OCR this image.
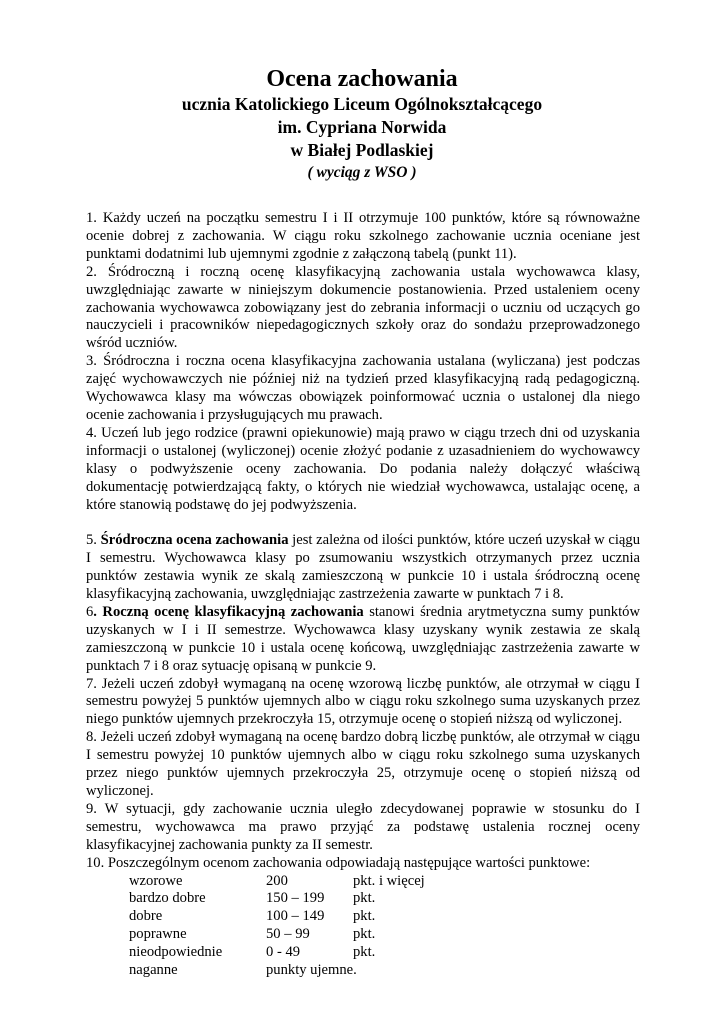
Ocena zachowania
ucznia Katolickiego Liceum Ogólnokształcącego
im. Cypriana Norwida
w Białej Podlaskiej
( wyciąg z WSO )

1. Każdy uczeń na początku semestru I i II otrzymuje 100 punktów, które są równoważne ocenie dobrej z zachowania. W ciągu roku szkolnego zachowanie ucznia oceniane jest punktami dodatnimi lub ujemnymi zgodnie z załączoną tabelą (punkt 11).

2. Śródroczną i roczną ocenę klasyfikacyjną zachowania ustala wychowawca klasy, uwzględniając zawarte w niniejszym dokumencie postanowienia. Przed ustaleniem oceny zachowania wychowawca zobowiązany jest do zebrania informacji o uczniu od uczących go nauczycieli i pracowników niepedagogicznych szkoły oraz do sondażu przeprowadzonego wśród uczniów.

3. Śródroczna i roczna ocena klasyfikacyjna zachowania ustalana (wyliczana) jest podczas zajęć wychowawczych nie później niż na tydzień przed klasyfikacyjną radą pedagogiczną. Wychowawca klasy ma wówczas obowiązek poinformować ucznia o ustalonej dla niego ocenie zachowania i przysługujących mu prawach.

4. Uczeń lub jego rodzice (prawni opiekunowie) mają prawo w ciągu trzech dni od uzyskania informacji o ustalonej (wyliczonej) ocenie złożyć podanie z uzasadnieniem do wychowawcy klasy o podwyższenie oceny zachowania. Do podania należy dołączyć właściwą dokumentację potwierdzającą fakty, o których nie wiedział wychowawca, ustalając ocenę, a które stanowią podstawę do jej podwyższenia.

5. Śródroczna ocena zachowania jest zależna od ilości punktów, które uczeń uzyskał w ciągu I semestru. Wychowawca klasy po zsumowaniu wszystkich otrzymanych przez ucznia punktów zestawia wynik ze skalą zamieszczoną w punkcie 10 i ustala śródroczną ocenę klasyfikacyjną zachowania, uwzględniając zastrzeżenia zawarte w punktach 7 i 8.

6. Roczną ocenę klasyfikacyjną zachowania stanowi średnia arytmetyczna sumy punktów uzyskanych w I i II semestrze. Wychowawca klasy uzyskany wynik zestawia ze skalą zamieszczoną w punkcie 10 i ustala ocenę końcową, uwzględniając zastrzeżenia zawarte w punktach 7 i 8 oraz sytuację opisaną w punkcie 9.

7. Jeżeli uczeń zdobył wymaganą na ocenę wzorową liczbę punktów, ale otrzymał w ciągu I semestru powyżej 5 punktów ujemnych albo w ciągu roku szkolnego suma uzyskanych przez niego punktów ujemnych przekroczyła 15, otrzymuje ocenę o stopień niższą od wyliczonej.

8. Jeżeli uczeń zdobył wymaganą na ocenę bardzo dobrą liczbę punktów, ale otrzymał w ciągu I semestru powyżej 10 punktów ujemnych albo w ciągu roku szkolnego suma uzyskanych przez niego punktów ujemnych przekroczyła 25, otrzymuje ocenę o stopień niższą od wyliczonej.

9. W sytuacji, gdy zachowanie ucznia uległo zdecydowanej poprawie w stosunku do I semestru, wychowawca ma prawo przyjąć za podstawę ustalenia rocznej oceny klasyfikacyjnej zachowania punkty za II semestr.

10. Poszczególnym ocenom zachowania odpowiadają następujące wartości punktowe:

wzorowe	200	pkt. i więcej
bardzo dobre	150 – 199	pkt.
dobre	100 – 149	pkt.
poprawne	50 – 99	pkt.
nieodpowiednie	0 - 49	pkt.
naganne	punkty ujemne.
